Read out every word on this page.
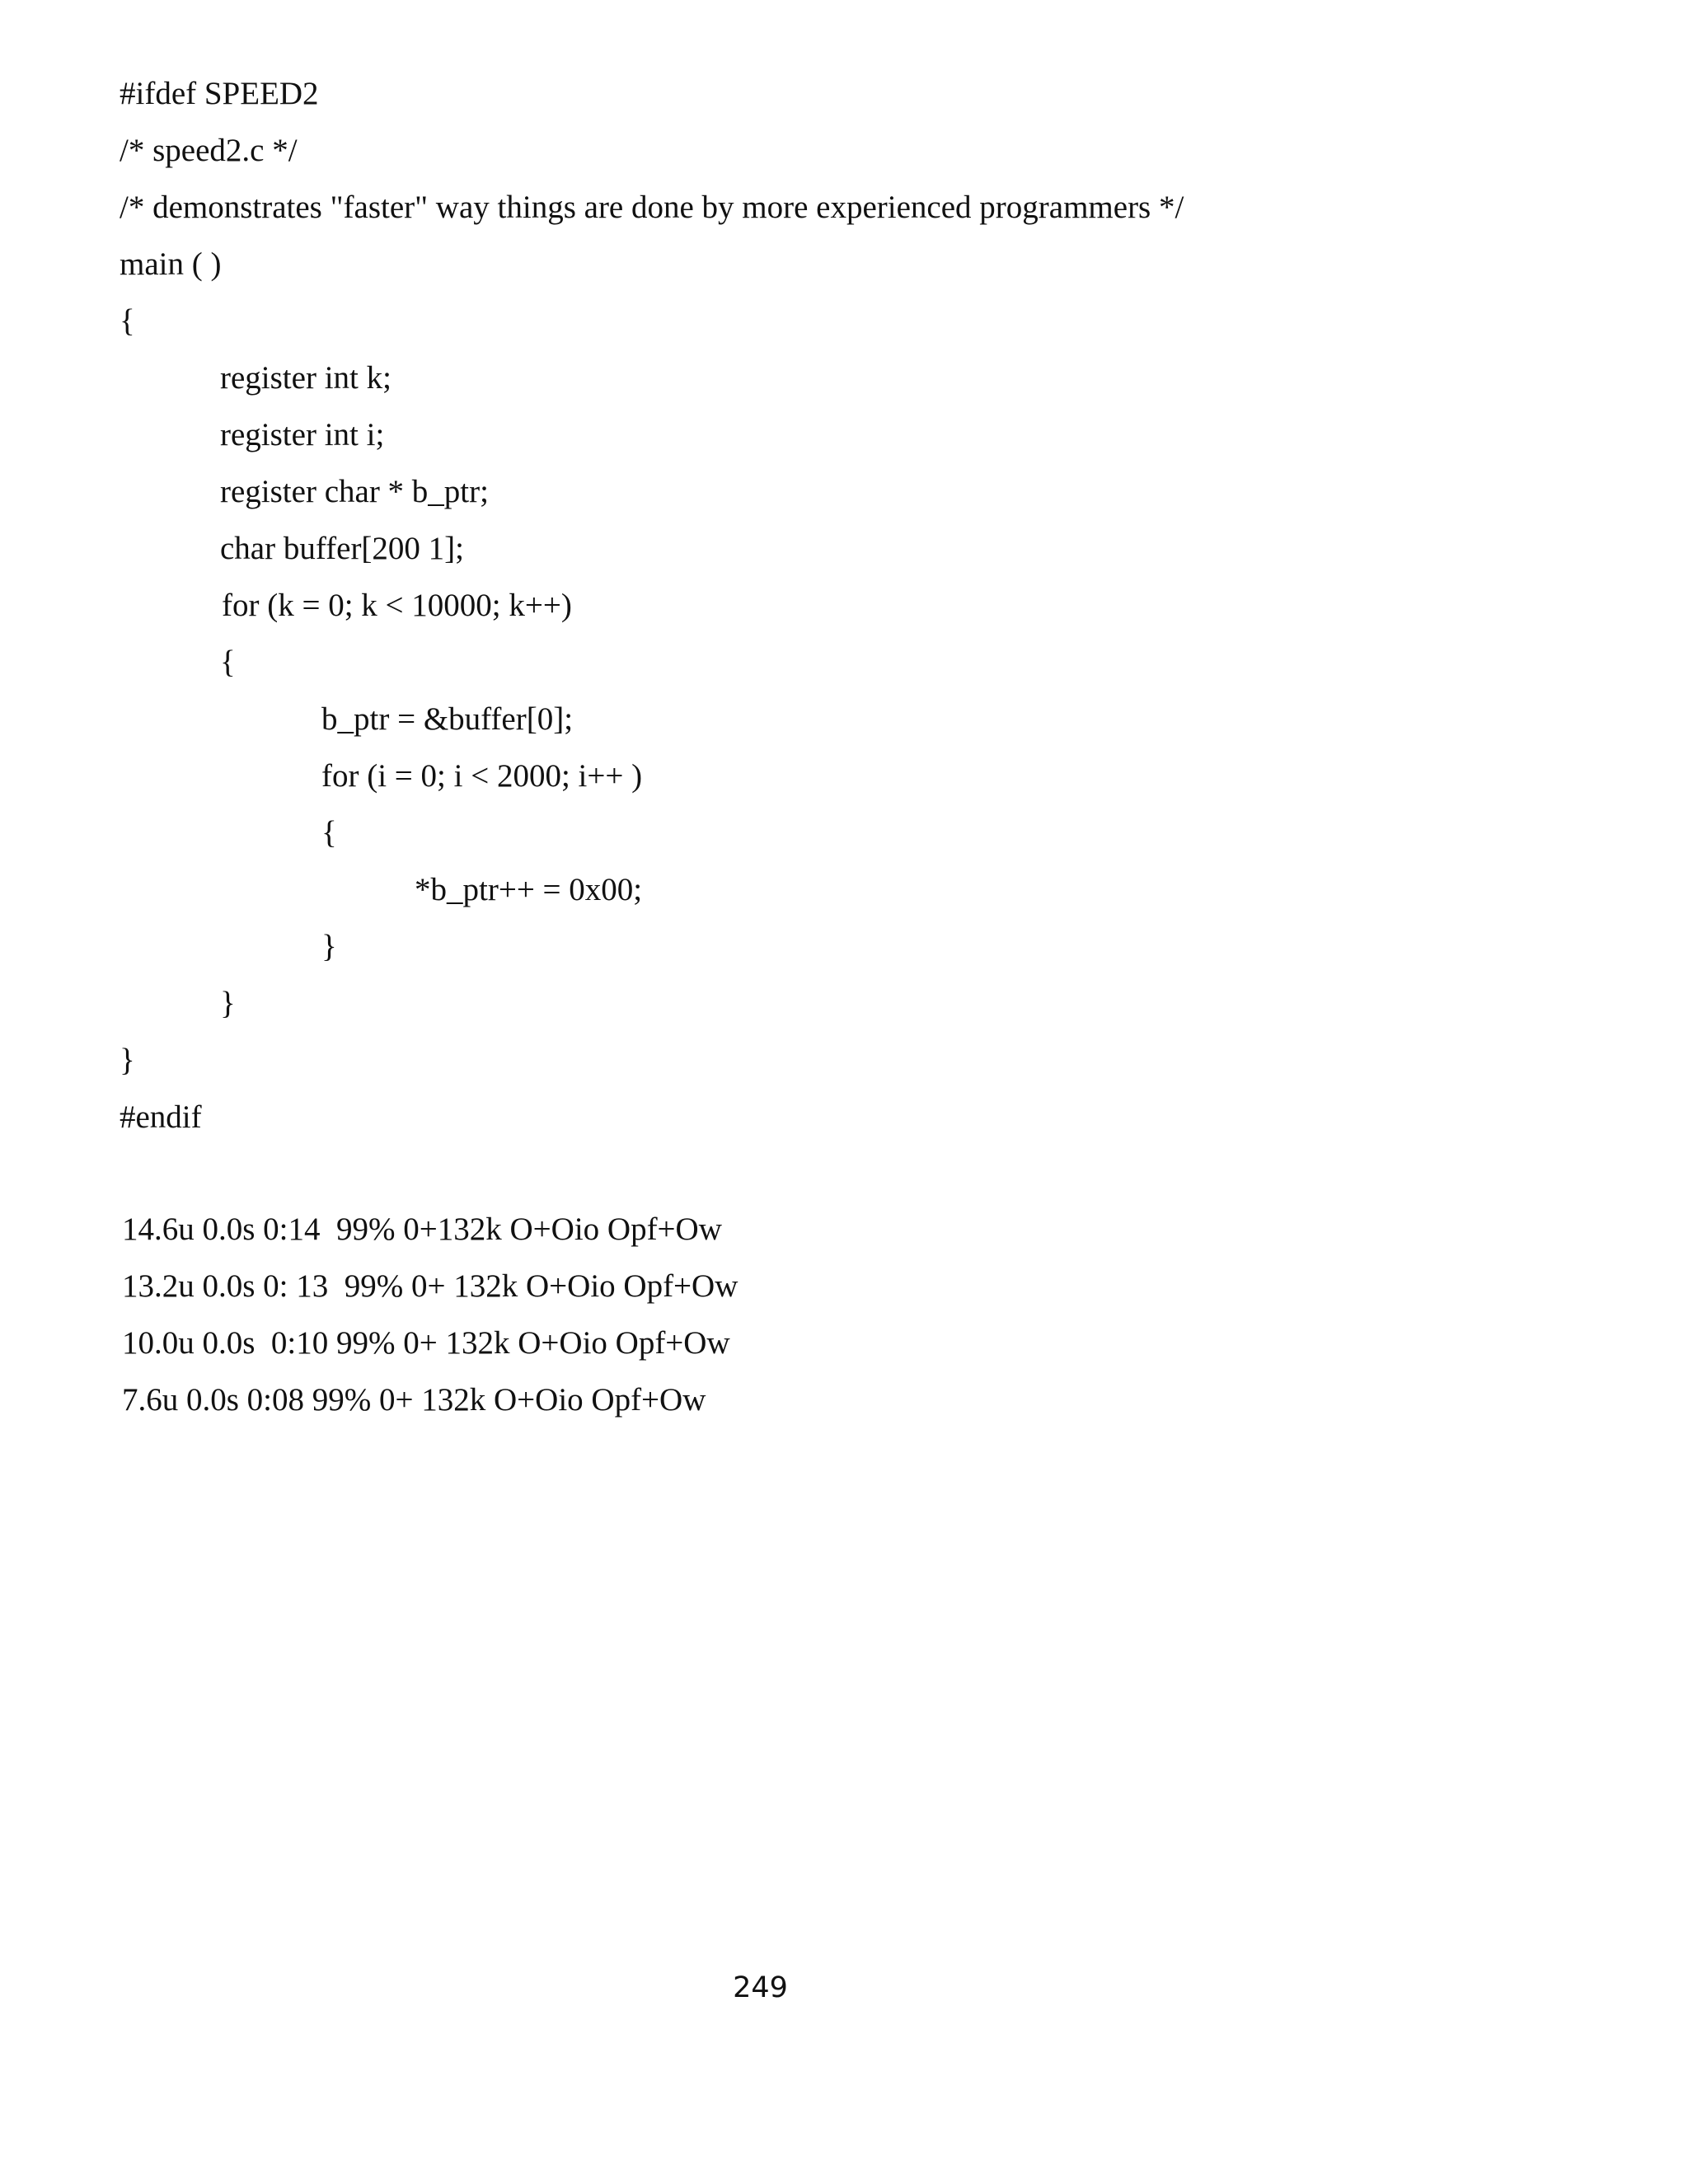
#ifdef SPEED2
/* speed2.c */
/* demonstrates "faster" way things are done by more experienced programmers */
main ( )
{
register int k;
register int i;
register char * b_ptr;
char buffer[200 1];
for (k = 0; k < 10000; k++)
{
b_ptr = &buffer[0];
for (i = 0; i < 2000; i++ )
{
*b_ptr++ = 0x00;
}
}
}
#endif
14.6u 0.0s 0:14  99% 0+132k O+Oio Opf+Ow
13.2u 0.0s 0: 13  99% 0+ 132k O+Oio Opf+Ow
10.0u 0.0s  0:10 99% 0+ 132k O+Oio Opf+Ow
7.6u 0.0s 0:08 99% 0+ 132k O+Oio Opf+Ow
249
